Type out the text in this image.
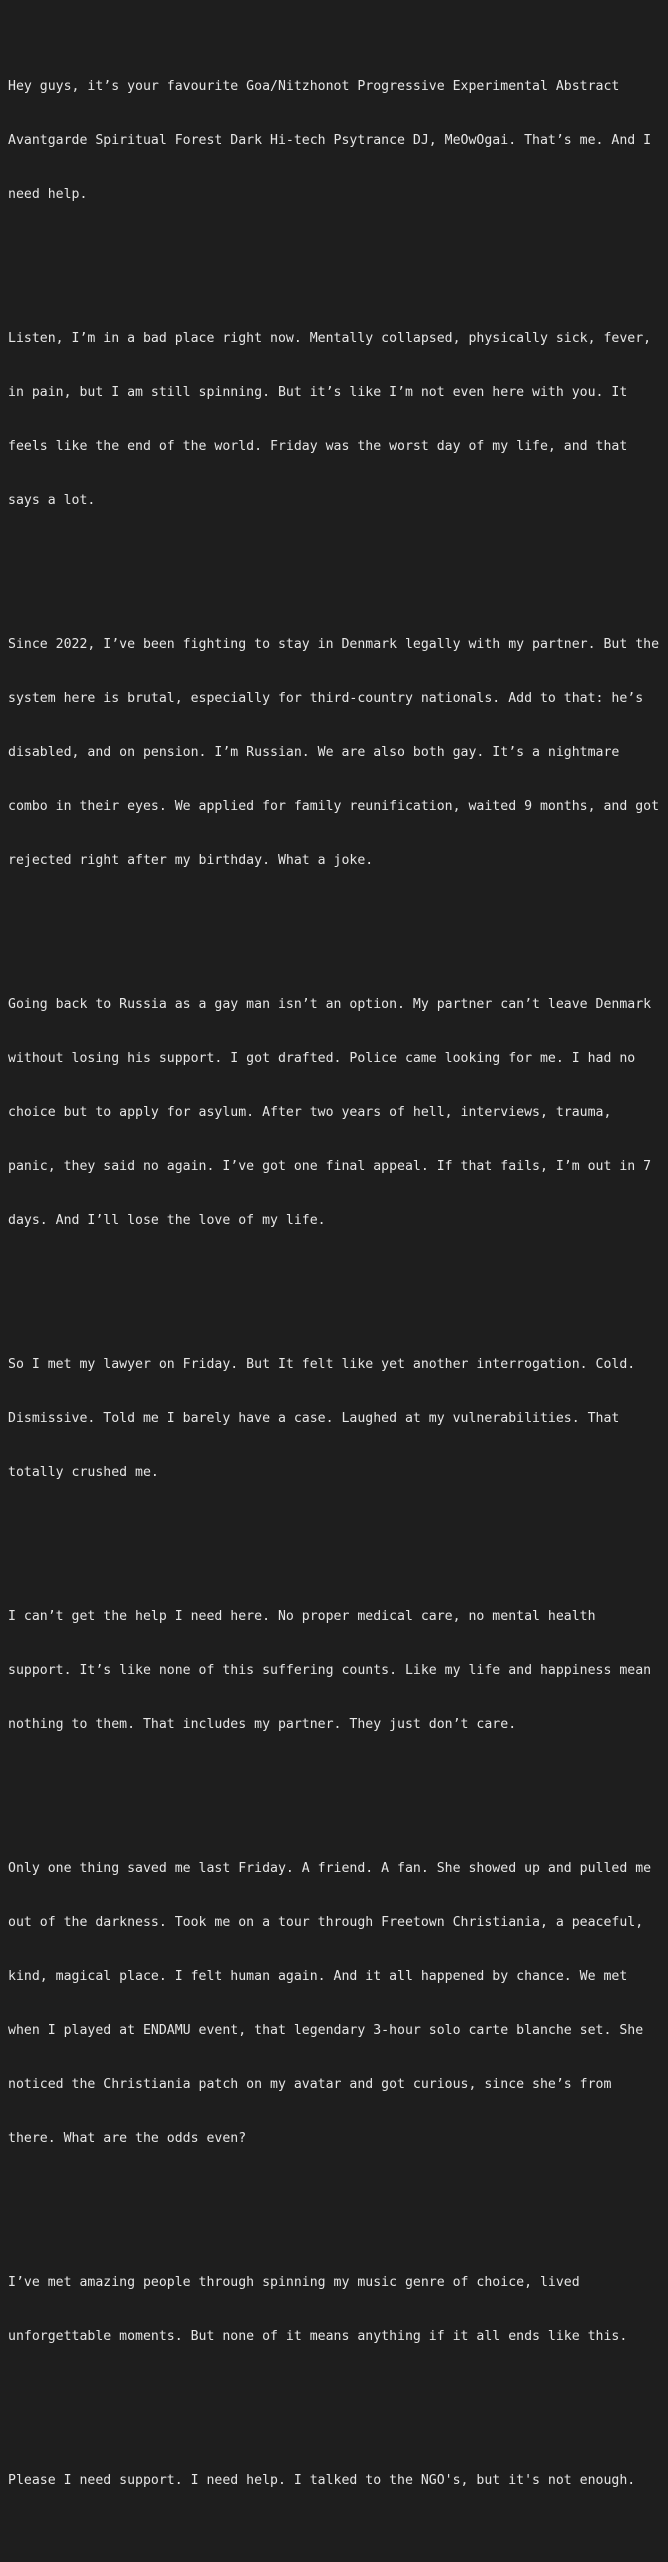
Hey guys, it’s your favourite Goa/Nitzhonot Progressive Experimental Abstract

Avantgarde Spiritual Forest Dark Hi-tech Psytrance DJ, MeOwOgai. That’s me. And I

need help.

Listen, I’m in a bad place right now. Mentally collapsed, physically sick, fever,

in pain, but I am still spinning. But it’s like I’m not even here with you. It

feels like the end of the world. Friday was the worst day of my life, and that

says a lot.

Since 2022, I’ve been fighting to stay in Denmark legally with my partner. But the

system here is brutal, especially for third-country nationals. Add to that: he’s

disabled, and on pension. I’m Russian. We are also both gay. It’s a nightmare

combo in their eyes. We applied for family reunification, waited 9 months, and got

rejected right after my birthday. What a joke.

Going back to Russia as a gay man isn’t an option. My partner can’t leave Denmark

without losing his support. I got drafted. Police came looking for me. I had no

choice but to apply for asylum. After two years of hell, interviews, trauma,

panic, they said no again. I’ve got one final appeal. If that fails, I’m out in 7

days. And I’ll lose the love of my life.

So I met my lawyer on Friday. But It felt like yet another interrogation. Cold.

Dismissive. Told me I barely have a case. Laughed at my vulnerabilities. That

totally crushed me.

I can’t get the help I need here. No proper medical care, no mental health

support. It’s like none of this suffering counts. Like my life and happiness mean

nothing to them. That includes my partner. They just don’t care.

Only one thing saved me last Friday. A friend. A fan. She showed up and pulled me

out of the darkness. Took me on a tour through Freetown Christiania, a peaceful,

kind, magical place. I felt human again. And it all happened by chance. We met

when I played at ENDAMU event, that legendary 3-hour solo carte blanche set. She

noticed the Christiania patch on my avatar and got curious, since she’s from

there. What are the odds even?

I’ve met amazing people through spinning my music genre of choice, lived

unforgettable moments. But none of it means anything if it all ends like this.

Please I need support. I need help. I talked to the NGO's, but it's not enough.
